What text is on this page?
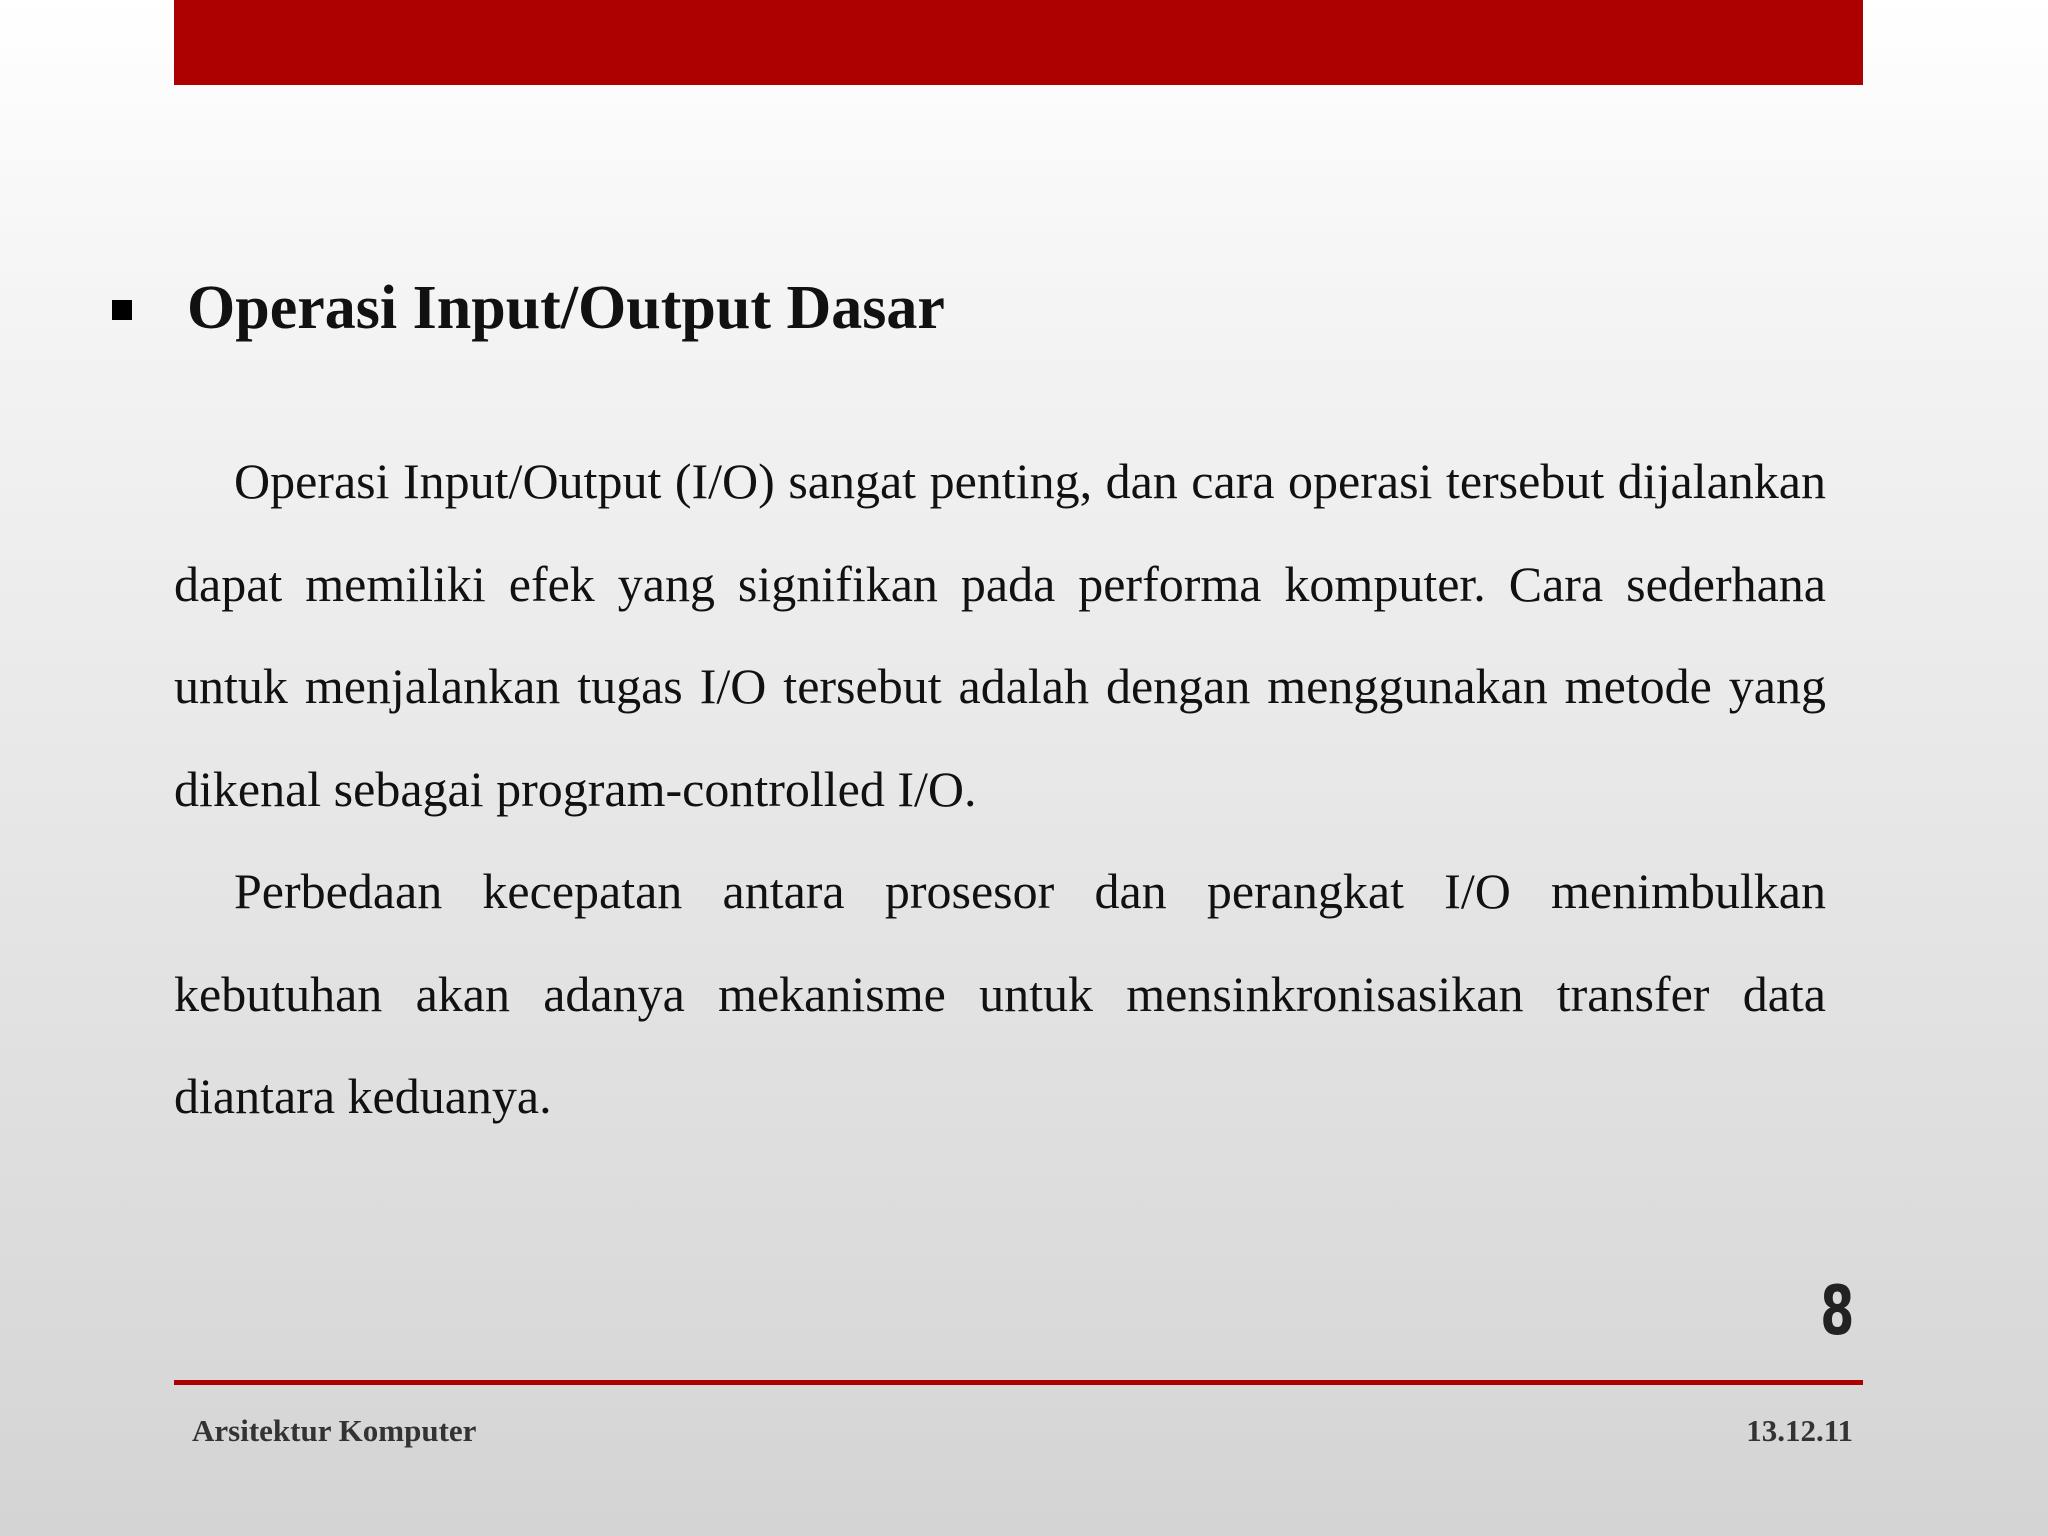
Operasi Input/Output Dasar

Operasi Input/Output (I/O) sangat penting, dan cara operasi tersebut dijalankan dapat memiliki efek yang signifikan pada performa komputer. Cara sederhana untuk menjalankan tugas I/O tersebut adalah dengan menggunakan metode yang dikenal sebagai program-controlled I/O.

Perbedaan kecepatan antara prosesor dan perangkat I/O menimbulkan kebutuhan akan adanya mekanisme untuk mensinkronisasikan transfer data diantara keduanya.

8
Arsitektur Komputer	13.12.11
